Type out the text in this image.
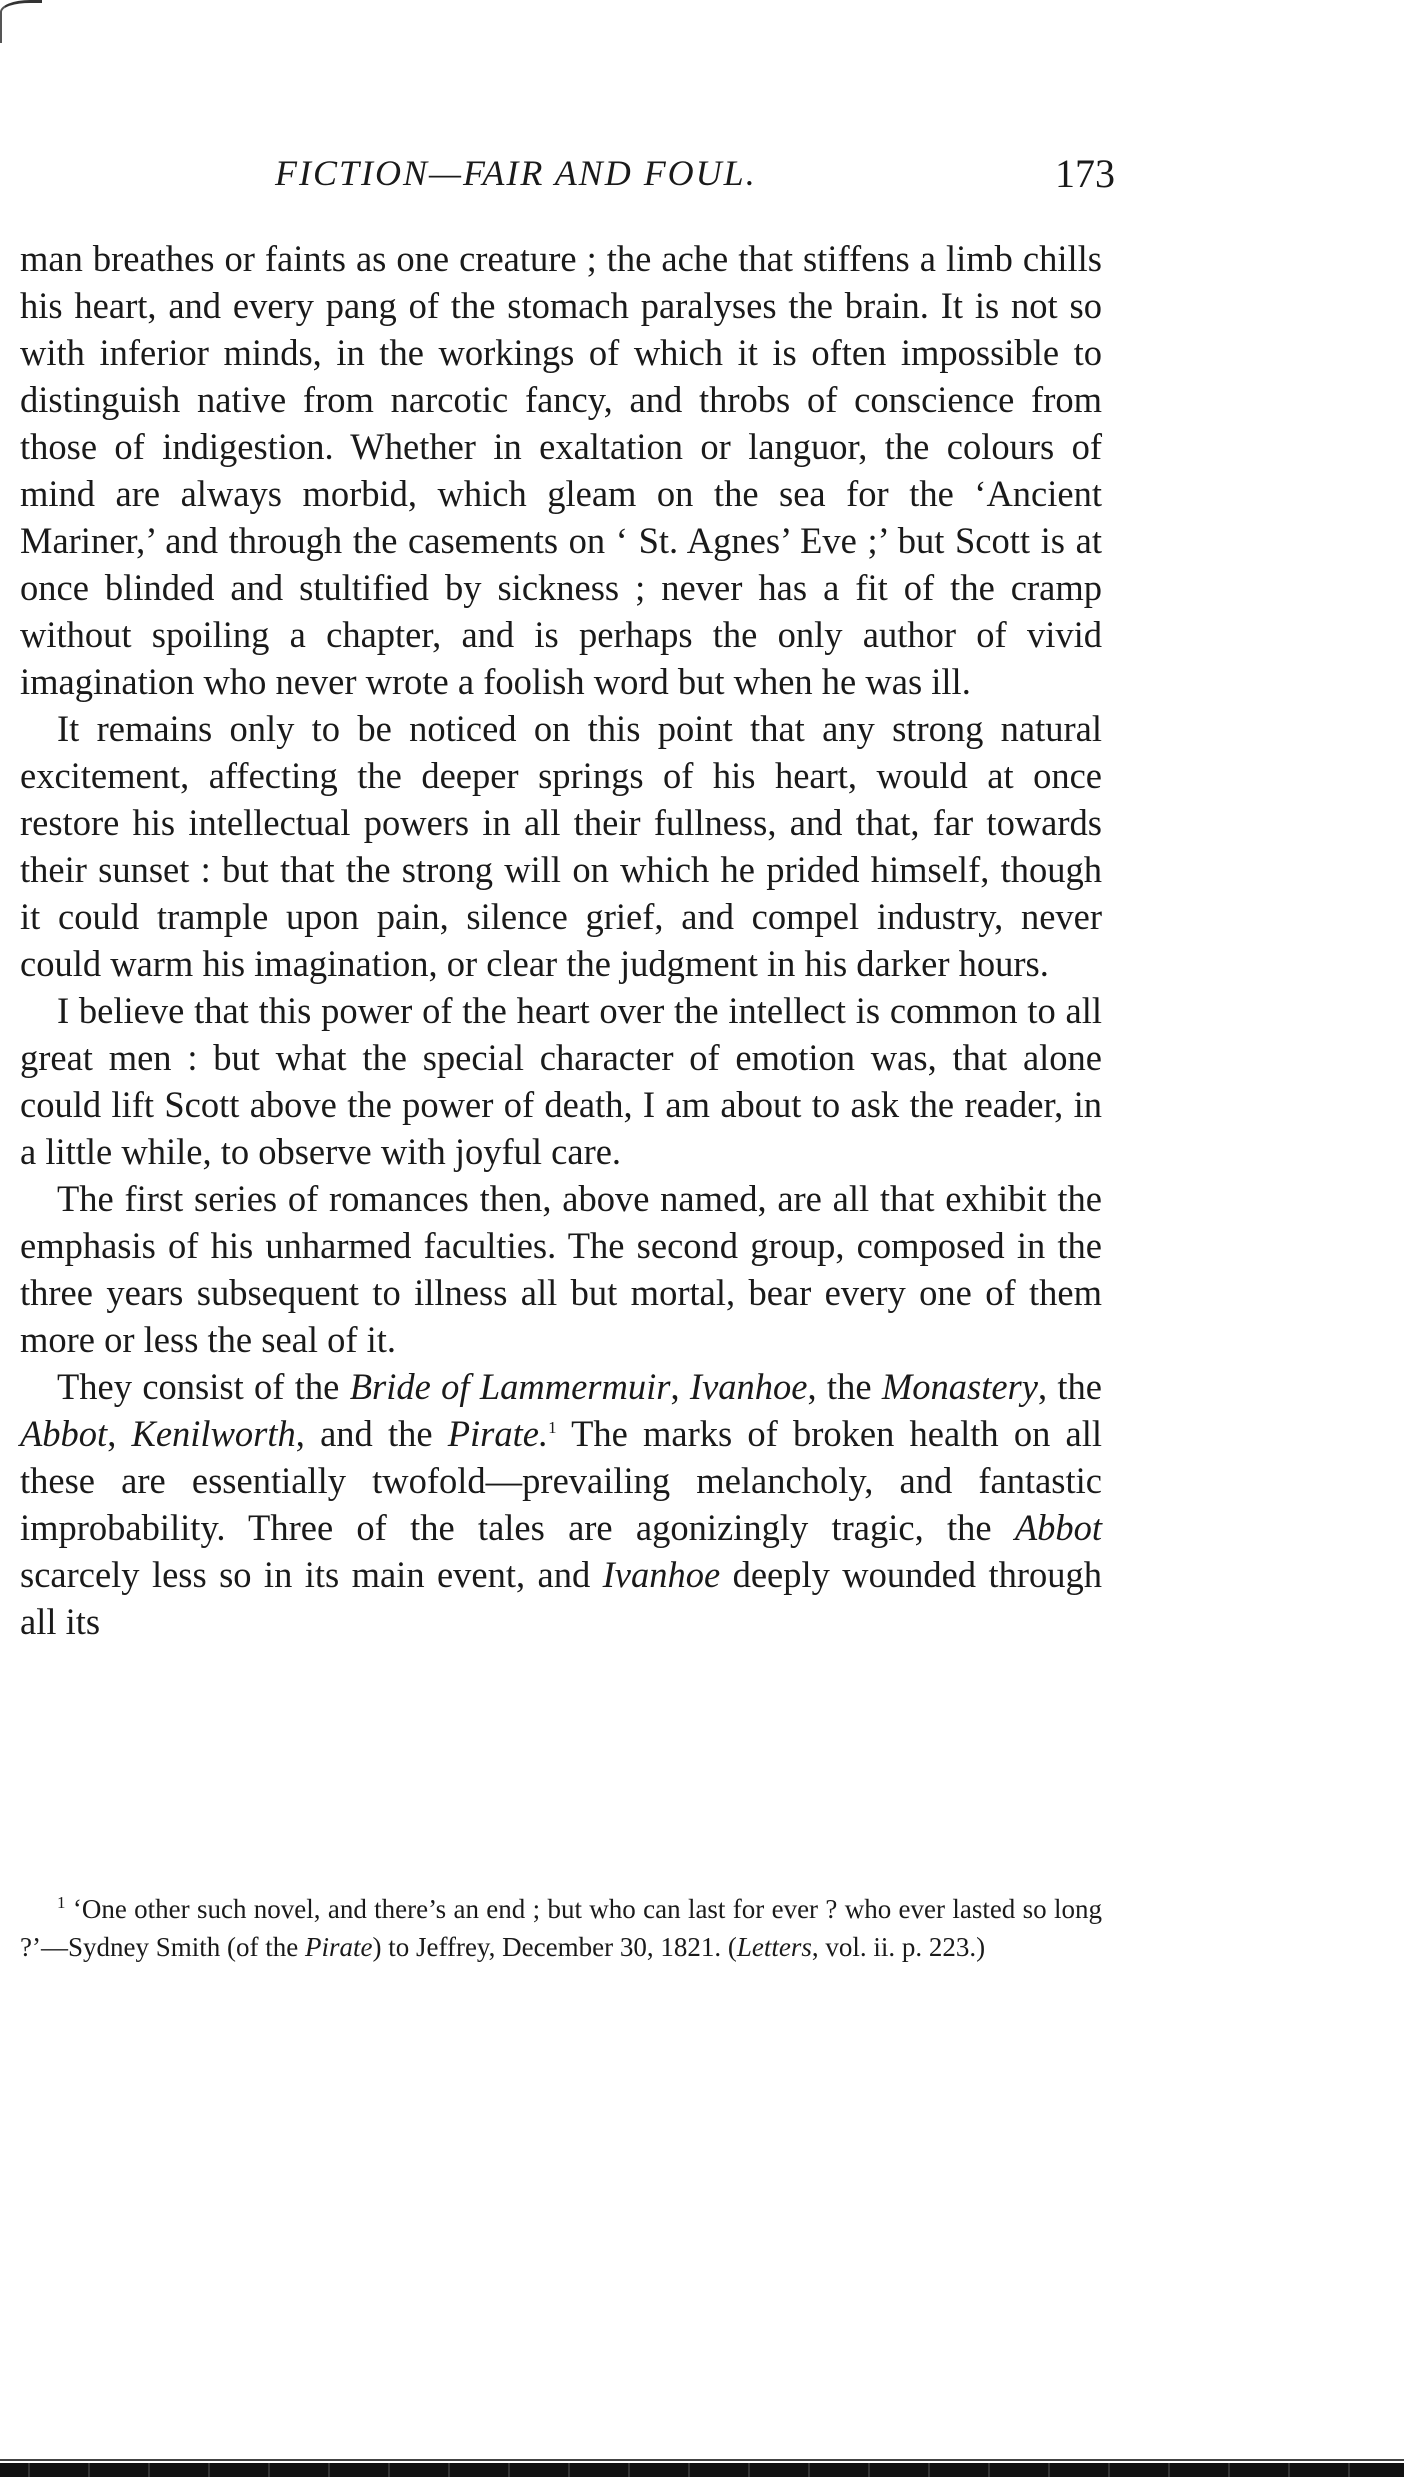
FICTION—FAIR AND FOUL.	173

man breathes or faints as one creature ; the ache that stiffens a limb chills his heart, and every pang of the stomach paralyses the brain. It is not so with inferior minds, in the workings of which it is often impossible to distinguish native from narcotic fancy, and throbs of conscience from those of indigestion. Whether in exaltation or languor, the colours of mind are always morbid, which gleam on the sea for the ‘Ancient Mariner,’ and through the casements on ‘ St. Agnes’ Eve ;’ but Scott is at once blinded and stultified by sickness ; never has a fit of the cramp without spoiling a chapter, and is perhaps the only author of vivid imagination who never wrote a foolish word but when he was ill.

It remains only to be noticed on this point that any strong natural excitement, affecting the deeper springs of his heart, would at once restore his intellectual powers in all their fullness, and that, far towards their sunset : but that the strong will on which he prided himself, though it could trample upon pain, silence grief, and compel industry, never could warm his imagination, or clear the judgment in his darker hours.

I believe that this power of the heart over the intellect is common to all great men : but what the special character of emotion was, that alone could lift Scott above the power of death, I am about to ask the reader, in a little while, to observe with joyful care.

The first series of romances then, above named, are all that exhibit the emphasis of his unharmed faculties. The second group, composed in the three years subsequent to illness all but mortal, bear every one of them more or less the seal of it.

They consist of the Bride of Lammermuir, Ivanhoe, the Monastery, the Abbot, Kenilworth, and the Pirate.$^1$ The marks of broken health on all these are essentially twofold—prevailing melancholy, and fantastic improbability. Three of the tales are agonizingly tragic, the Abbot scarcely less so in its main event, and Ivanhoe deeply wounded through all its

$^1$ ‘One other such novel, and there’s an end ; but who can last for ever ? who ever lasted so long ?’—Sydney Smith (of the Pirate) to Jeffrey, December 30, 1821. (Letters, vol. ii. p. 223.)
